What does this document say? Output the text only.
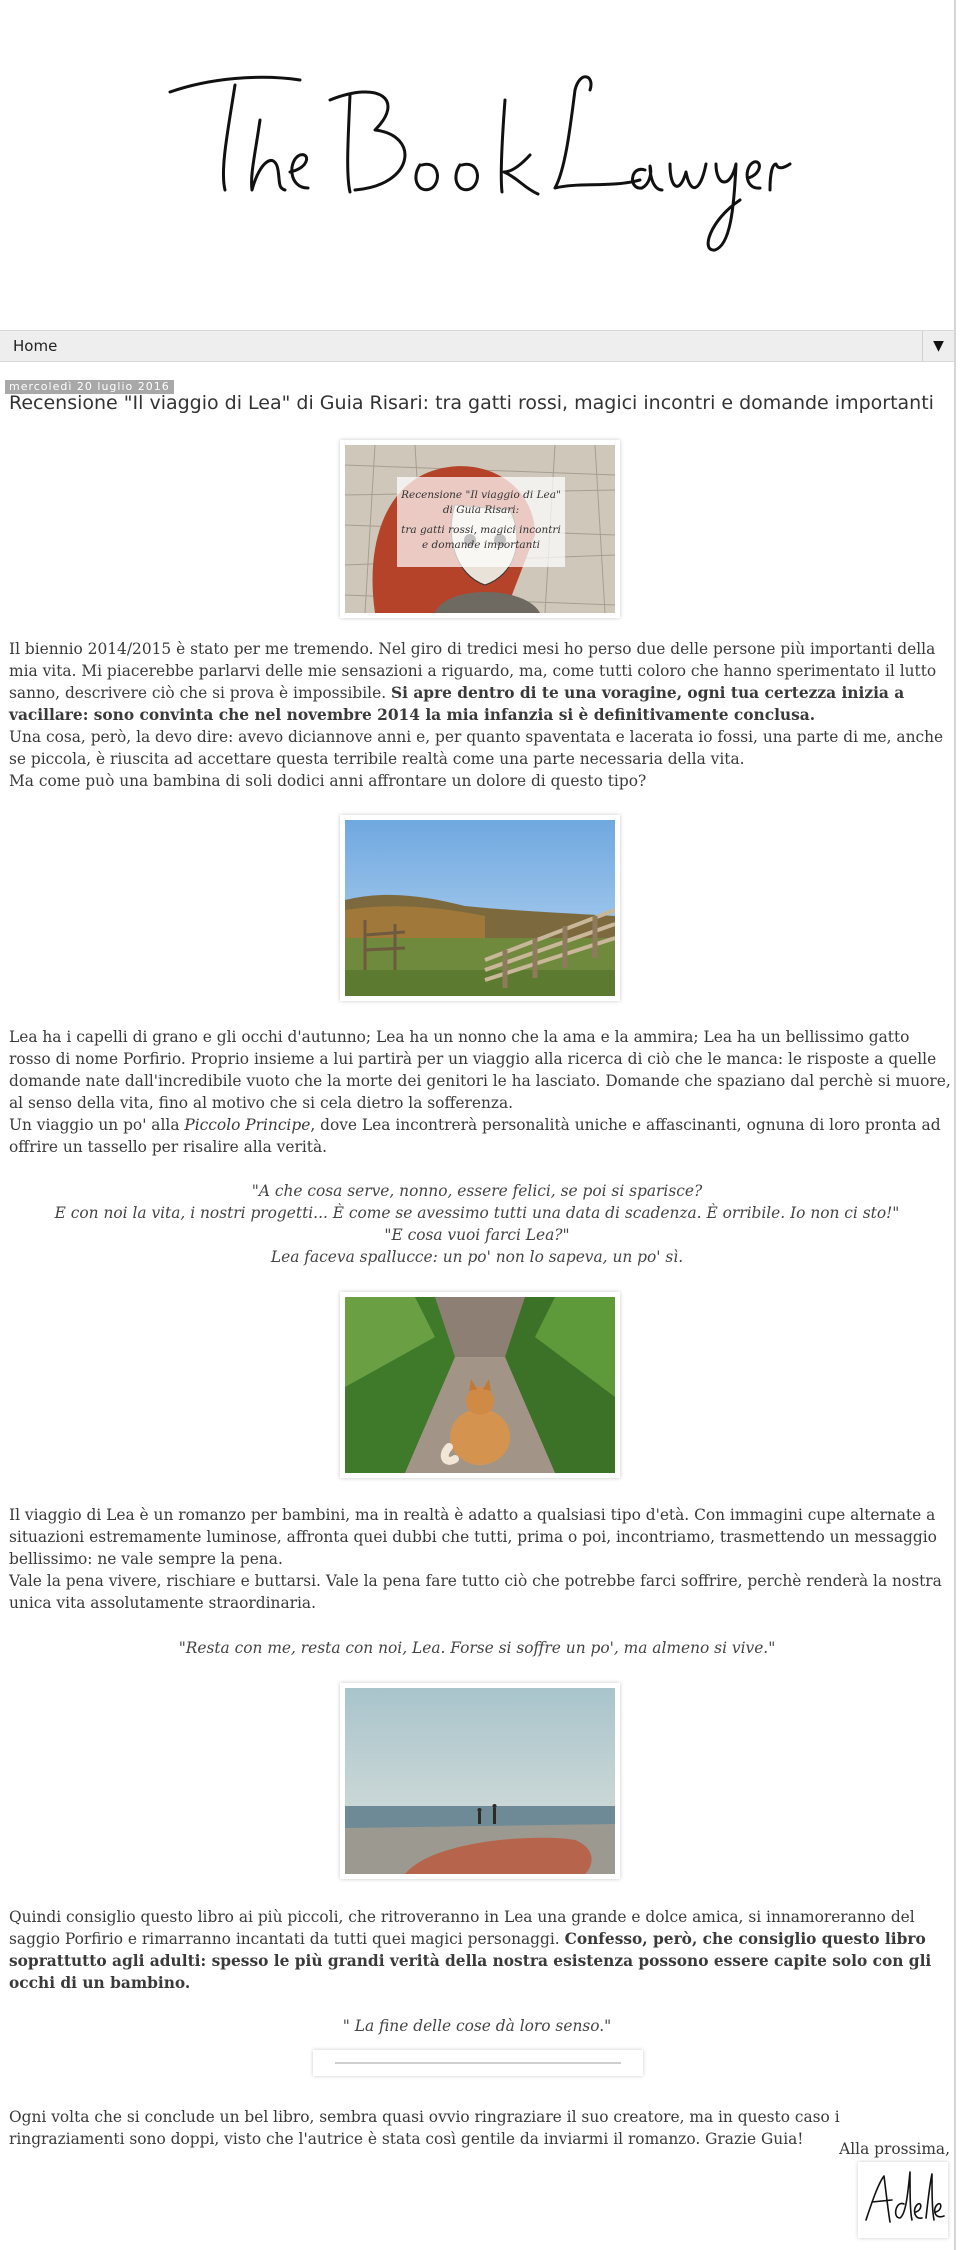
Home	▼
mercoledì 20 luglio 2016
Recensione "Il viaggio di Lea" di Guia Risari: tra gatti rossi, magici incontri e domande importanti
Recensione "Il viaggio di Lea"
di Guia Risari:
tra gatti rossi, magici incontri
e domande importanti

Il biennio 2014/2015 è stato per me tremendo. Nel giro di tredici mesi ho perso due delle persone più importanti della mia vita. Mi piacerebbe parlarvi delle mie sensazioni a riguardo, ma, come tutti coloro che hanno sperimentato il lutto sanno, descrivere ciò che si prova è impossibile. Si apre dentro di te una voragine, ogni tua certezza inizia a vacillare: sono convinta che nel novembre 2014 la mia infanzia si è definitivamente conclusa.

Una cosa, però, la devo dire: avevo diciannove anni e, per quanto spaventata e lacerata io fossi, una parte di me, anche se piccola, è riuscita ad accettare questa terribile realtà come una parte necessaria della vita.

Ma come può una bambina di soli dodici anni affrontare un dolore di questo tipo?

Lea ha i capelli di grano e gli occhi d'autunno; Lea ha un nonno che la ama e la ammira; Lea ha un bellissimo gatto rosso di nome Porfirio. Proprio insieme a lui partirà per un viaggio alla ricerca di ciò che le manca: le risposte a quelle domande nate dall'incredibile vuoto che la morte dei genitori le ha lasciato. Domande che spaziano dal perchè si muore, al senso della vita, fino al motivo che si cela dietro la sofferenza.

Un viaggio un po' alla Piccolo Principe, dove Lea incontrerà personalità uniche e affascinanti, ognuna di loro pronta ad offrire un tassello per risalire alla verità.

"A che cosa serve, nonno, essere felici, se poi si sparisce?

E con noi la vita, i nostri progetti... È come se avessimo tutti una data di scadenza. È orribile. Io non ci sto!"

"E cosa vuoi farci Lea?"

Lea faceva spallucce: un po' non lo sapeva, un po' sì.

Il viaggio di Lea è un romanzo per bambini, ma in realtà è adatto a qualsiasi tipo d'età. Con immagini cupe alternate a situazioni estremamente luminose, affronta quei dubbi che tutti, prima o poi, incontriamo, trasmettendo un messaggio bellissimo: ne vale sempre la pena.

Vale la pena vivere, rischiare e buttarsi. Vale la pena fare tutto ciò che potrebbe farci soffrire, perchè renderà la nostra unica vita assolutamente straordinaria.

"Resta con me, resta con noi, Lea. Forse si soffre un po', ma almeno si vive."

Quindi consiglio questo libro ai più piccoli, che ritroveranno in Lea una grande e dolce amica, si innamoreranno del saggio Porfirio e rimarranno incantati da tutti quei magici personaggi. Confesso, però, che consiglio questo libro soprattutto agli adulti: spesso le più grandi verità della nostra esistenza possono essere capite solo con gli occhi di un bambino.

" La fine delle cose dà loro senso."

Ogni volta che si conclude un bel libro, sembra quasi ovvio ringraziare il suo creatore, ma in questo caso i ringraziamenti sono doppi, visto che l'autrice è stata così gentile da inviarmi il romanzo. Grazie Guia!

Alla prossima,
